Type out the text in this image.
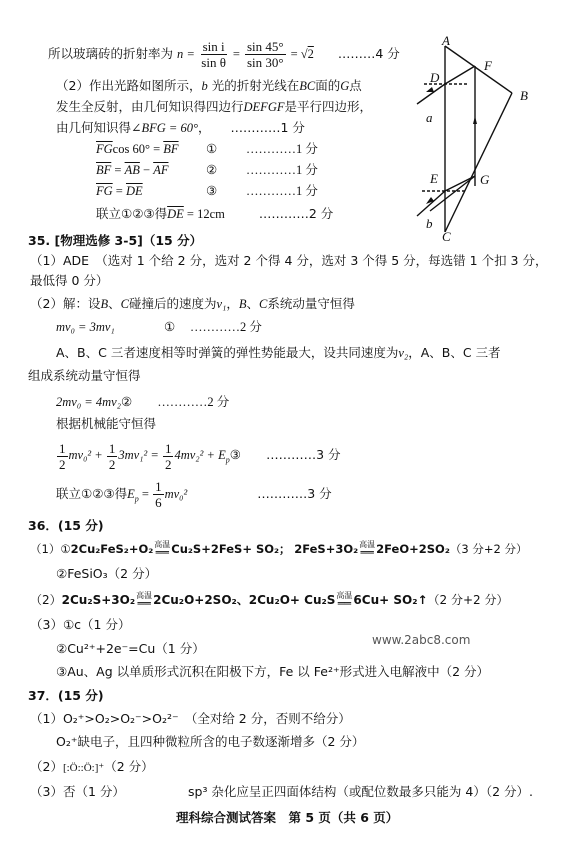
所以玻璃砖的折射率为 $n = \frac{\text{sin i}}{\text{sin θ}} = \frac{\sin 45^\circ}{\sin 30^\circ} = √2$ ………4 分
（2）作出光路如图所示，b 光的折射光线在BC面的G点
发生全反射，由几何知识得四边行DEFGF是平行四边形，
由几何知识得∠BFG = 60°， …………1 分
$\overline{FG}\cos$ $60^\circ = \overline{BF}$ ① …………1 分
$\overline{BF} = \overline{AB} - \overline{AF}$	② …………1 分
$\overline{FG} = \overline{DE}$	③ …………1 分
联立①②③得$\overline{DE} = 12cm$	…………2 分
A
B
C
D
E
F
G
a
b
35. [物理选修 3-5]（15 分）
（1）ADE　（选对 1 个给 2 分，选对 2 个得 4 分，选对 3 个得 5 分，每选错 1 个扣 3 分，
最低得 0 分）
（2）解：设B、C碰撞后的速度为v₁，B、C系统动量守恒得
mv₀ = 3mv₁	① …………2 分
A、B、C 三者速度相等时弹簧的弹性势能最大，设共同速度为v₂，A、B、C 三者
组成系统动量守恒得
2mv₀ = 4mv₂② …………2 分
根据机械能守恒得
$\frac{1}{2} mv_0^2 + \frac{1}{2} 3mv_1^2 = \frac{1}{2} 4mv_2^2$ + $E_p③$ …………3 分
联立①②③得$E_p = \frac{1}{6} mv_0^2$	…………3 分
36．(15 分)
（1）①2Cu₂FeS₂+O₂ 高温
══ Cu₂S+2FeS+ SO₂； 2FeS+3O₂ 高温
══ 2FeO+2SO₂（3 分+2 分）
②FeSiO₃（2 分）
（2）2Cu₂S+3O₂ 高温
══ 2Cu₂O+2SO₂、2Cu₂O+ Cu₂S 高温
══ 6Cu+ SO₂↑（2 分+2 分）
（3）①c（1 分）
www.2abc8.com
②Cu²⁺+2e⁻=Cu（1 分）
③Au、Ag 以单质形式沉积在阳极下方，Fe 以 Fe²⁺形式进入电解液中（2 分）
37．(15 分)
（1）O₂⁺>O₂>O₂⁻>O₂²⁻　（全对给 2 分，否则不给分）
O₂⁺缺电子，且四种微粒所含的电子数逐渐增多（2 分）
（2）[:Ö::Ö:]⁺（2 分）
（3）否（1 分）	sp³ 杂化应呈正四面体结构（或配位数最多只能为 4）（2 分）.
理科综合测试答案　第 5 页（共 6 页）
